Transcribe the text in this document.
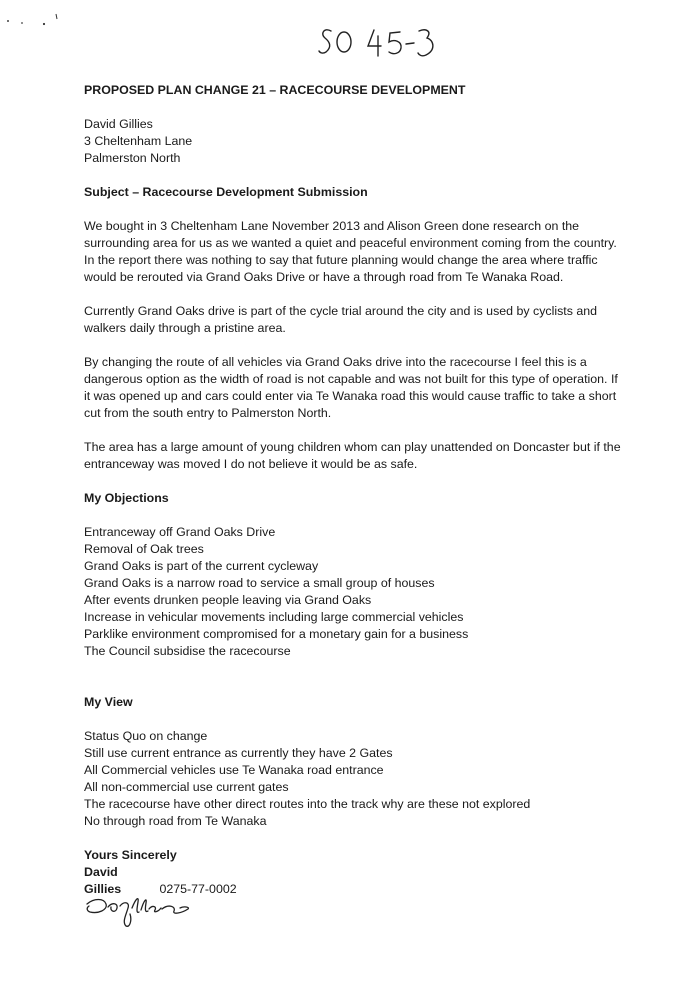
PROPOSED PLAN CHANGE 21 – RACECOURSE DEVELOPMENT

David Gillies

3 Cheltenham Lane

Palmerston North

Subject – Racecourse Development Submission

We bought in 3 Cheltenham Lane November 2013 and Alison Green done research on the surrounding area for us as we wanted a quiet and peaceful environment coming from the country. In the report there was nothing to say that future planning would change the area where traffic would be rerouted via Grand Oaks Drive or have a through road from Te Wanaka Road.

Currently Grand Oaks drive is part of the cycle trial around the city and is used by cyclists and walkers daily through a pristine area.

By changing the route of all vehicles via Grand Oaks drive into the racecourse I feel this is a dangerous option as the width of road is not capable and was not built for this type of operation. If it was opened up and cars could enter via Te Wanaka road this would cause traffic to take a short cut from the south entry to Palmerston North.

The area has a large amount of young children whom can play unattended on Doncaster but if the entranceway was moved I do not believe it would be as safe.

My Objections

Entranceway off Grand Oaks Drive
Removal of Oak trees
Grand Oaks is part of the current cycleway
Grand Oaks is a narrow road to service a small group of houses
After events drunken people leaving via Grand Oaks
Increase in vehicular movements including large commercial vehicles
Parklike environment compromised for a monetary gain for a business
The Council subsidise the racecourse

My View

Status Quo on change
Still use current entrance as currently they have 2 Gates
All Commercial vehicles use Te Wanaka road entrance
All non-commercial use current gates
The racecourse have other direct routes into the track why are these not explored
No through road from Te Wanaka

Yours Sincerely

David Gillies	0275-77-0002
